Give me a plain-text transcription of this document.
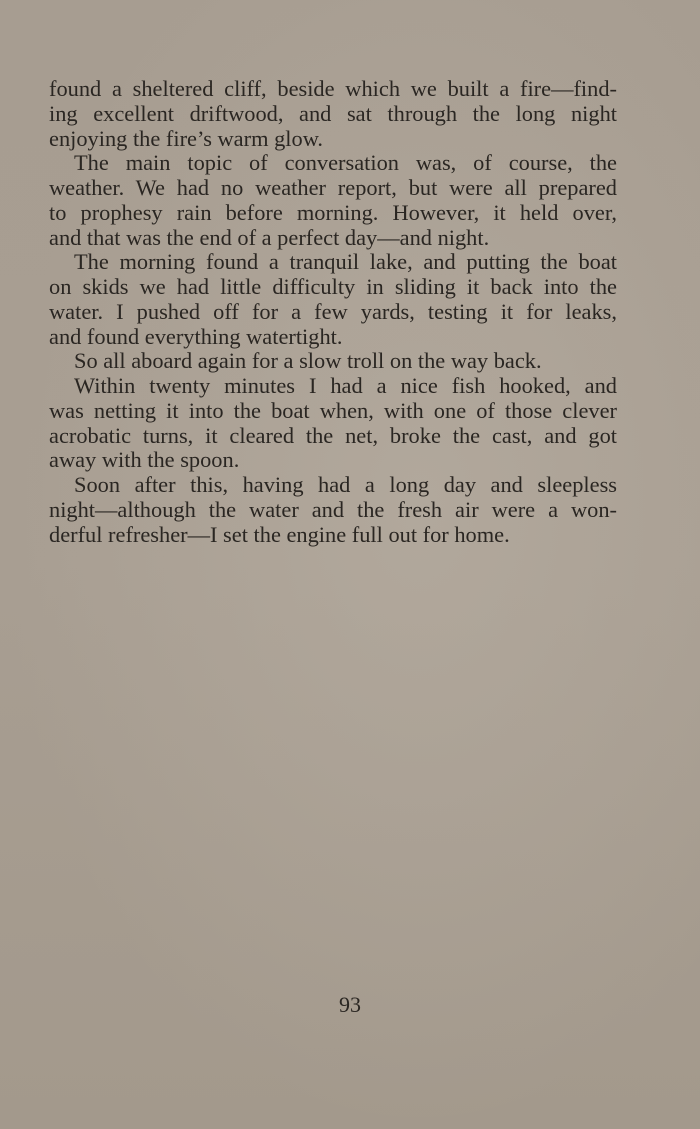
found a sheltered cliff, beside which we built a fire—find-
ing excellent driftwood, and sat through the long night
enjoying the fire’s warm glow.
The main topic of conversation was, of course, the
weather. We had no weather report, but were all prepared
to prophesy rain before morning. However, it held over,
and that was the end of a perfect day—and night.
The morning found a tranquil lake, and putting the boat
on skids we had little difficulty in sliding it back into the
water. I pushed off for a few yards, testing it for leaks,
and found everything watertight.
So all aboard again for a slow troll on the way back.
Within twenty minutes I had a nice fish hooked, and
was netting it into the boat when, with one of those clever
acrobatic turns, it cleared the net, broke the cast, and got
away with the spoon.
Soon after this, having had a long day and sleepless
night—although the water and the fresh air were a won-
derful refresher—I set the engine full out for home.
93
